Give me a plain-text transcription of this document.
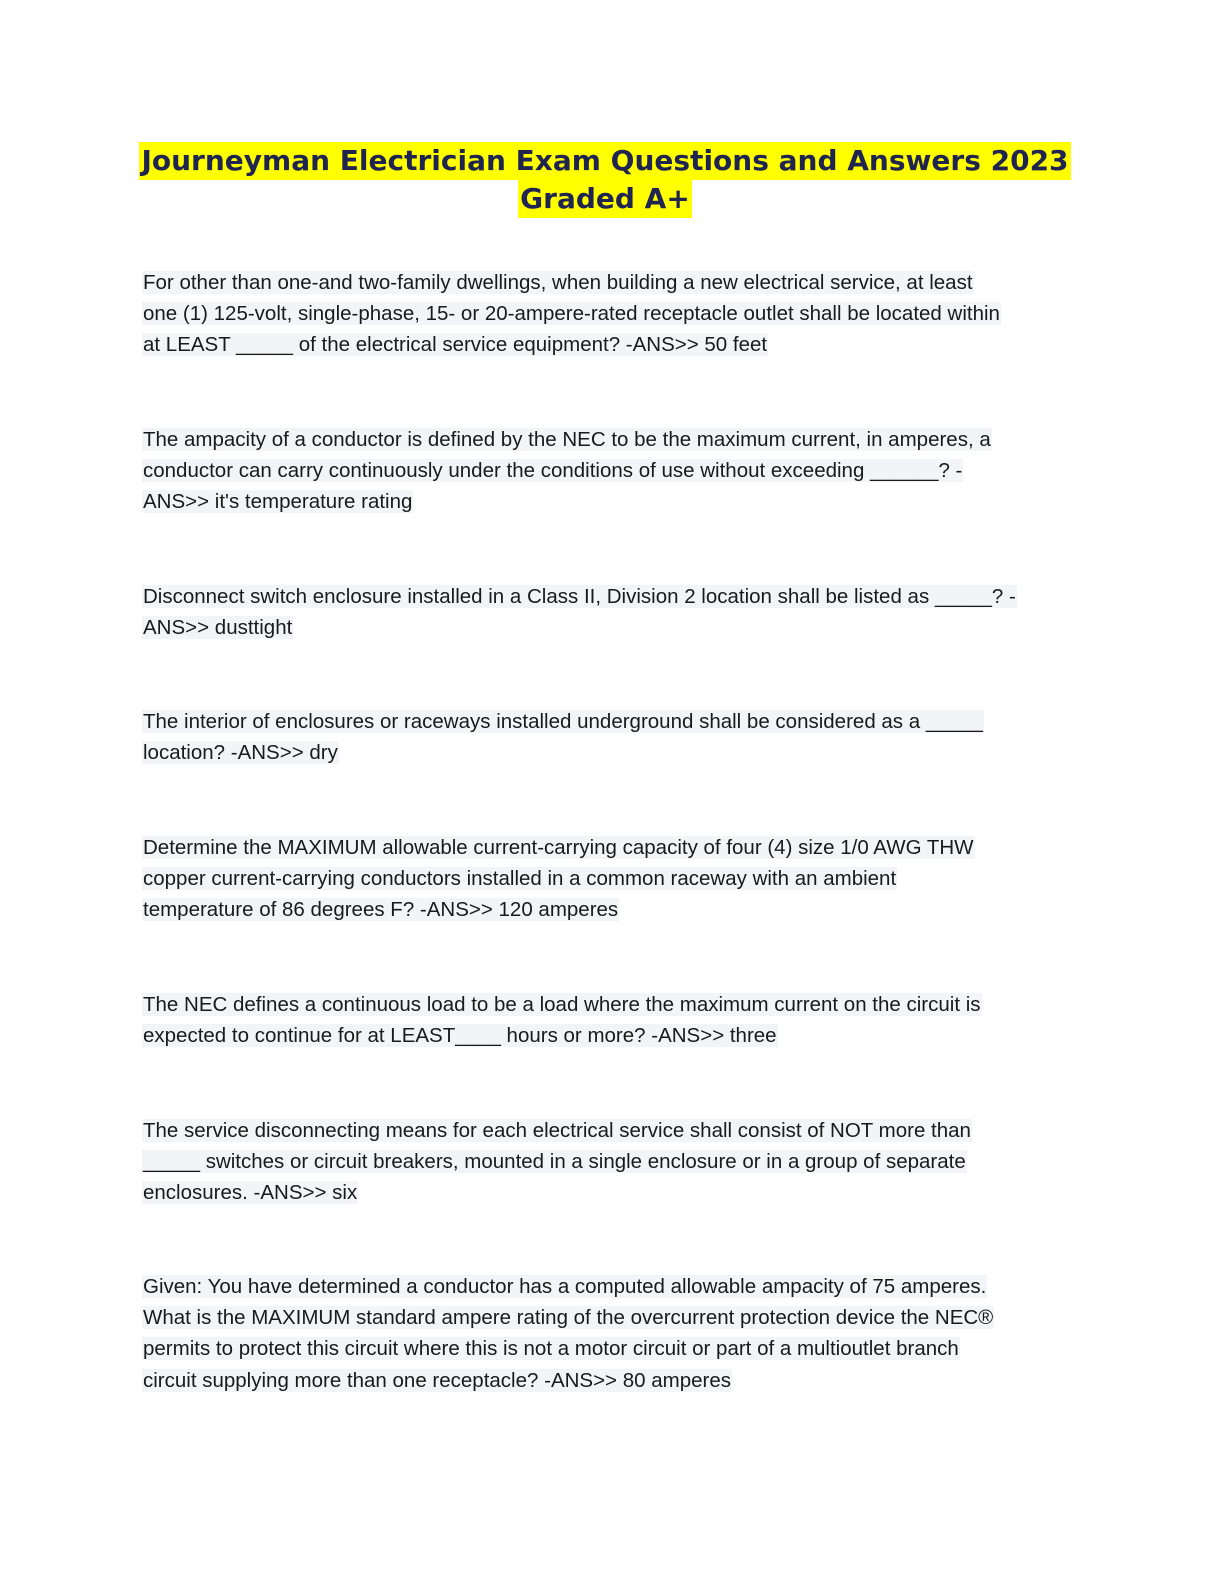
Journeyman Electrician Exam Questions and Answers 2023
Graded A+
For other than one-and two-family dwellings, when building a new electrical service, at least
one (1) 125-volt, single-phase, 15- or 20-ampere-rated receptacle outlet shall be located within
at LEAST _____ of the electrical service equipment? -ANS>> 50 feet
The ampacity of a conductor is defined by the NEC to be the maximum current, in amperes, a
conductor can carry continuously under the conditions of use without exceeding ______? -
ANS>> it's temperature rating
Disconnect switch enclosure installed in a Class II, Division 2 location shall be listed as _____? -
ANS>> dusttight
The interior of enclosures or raceways installed underground shall be considered as a _____
location? -ANS>> dry
Determine the MAXIMUM allowable current-carrying capacity of four (4) size 1/0 AWG THW
copper current-carrying conductors installed in a common raceway with an ambient
temperature of 86 degrees F? -ANS>> 120 amperes
The NEC defines a continuous load to be a load where the maximum current on the circuit is
expected to continue for at LEAST____ hours or more? -ANS>> three
The service disconnecting means for each electrical service shall consist of NOT more than
_____ switches or circuit breakers, mounted in a single enclosure or in a group of separate
enclosures. -ANS>> six
Given: You have determined a conductor has a computed allowable ampacity of 75 amperes.
What is the MAXIMUM standard ampere rating of the overcurrent protection device the NEC®
permits to protect this circuit where this is not a motor circuit or part of a multioutlet branch
circuit supplying more than one receptacle? -ANS>> 80 amperes
